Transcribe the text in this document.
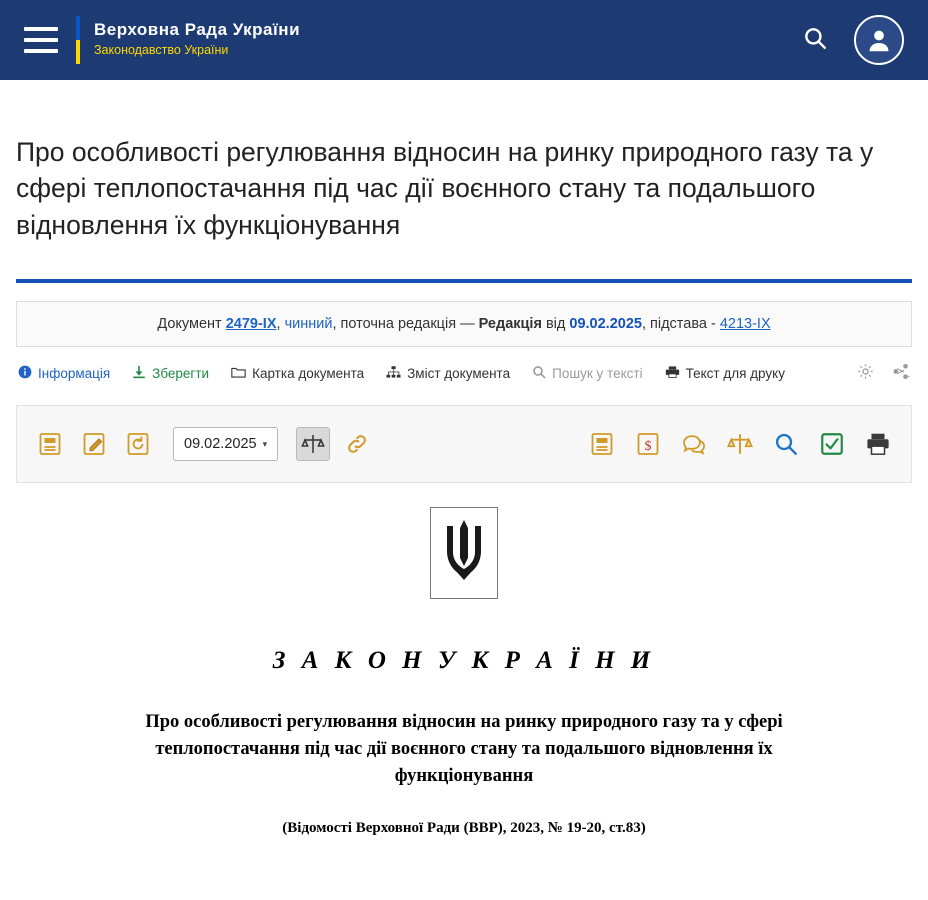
Верховна Рада України
Законодавство України
Про особливості регулювання відносин на ринку природного газу та у сфері теплопостачання під час дії воєнного стану та подальшого відновлення їх функціонування
Документ 2479-IX, чинний, поточна редакція — Редакція від 09.02.2025, підстава - 4213-IX
Інформація	Зберегти	Картка документа	Зміст документа	Пошук у тексті	Текст для друку
09.02.2025 ▾	$
З А К О Н У К Р А Ї Н И
Про особливості регулювання відносин на ринку природного газу та у сфері теплопостачання під час дії воєнного стану та подальшого відновлення їх функціонування
(Відомості Верховної Ради (ВВР), 2023, № 19-20, ст.83)
